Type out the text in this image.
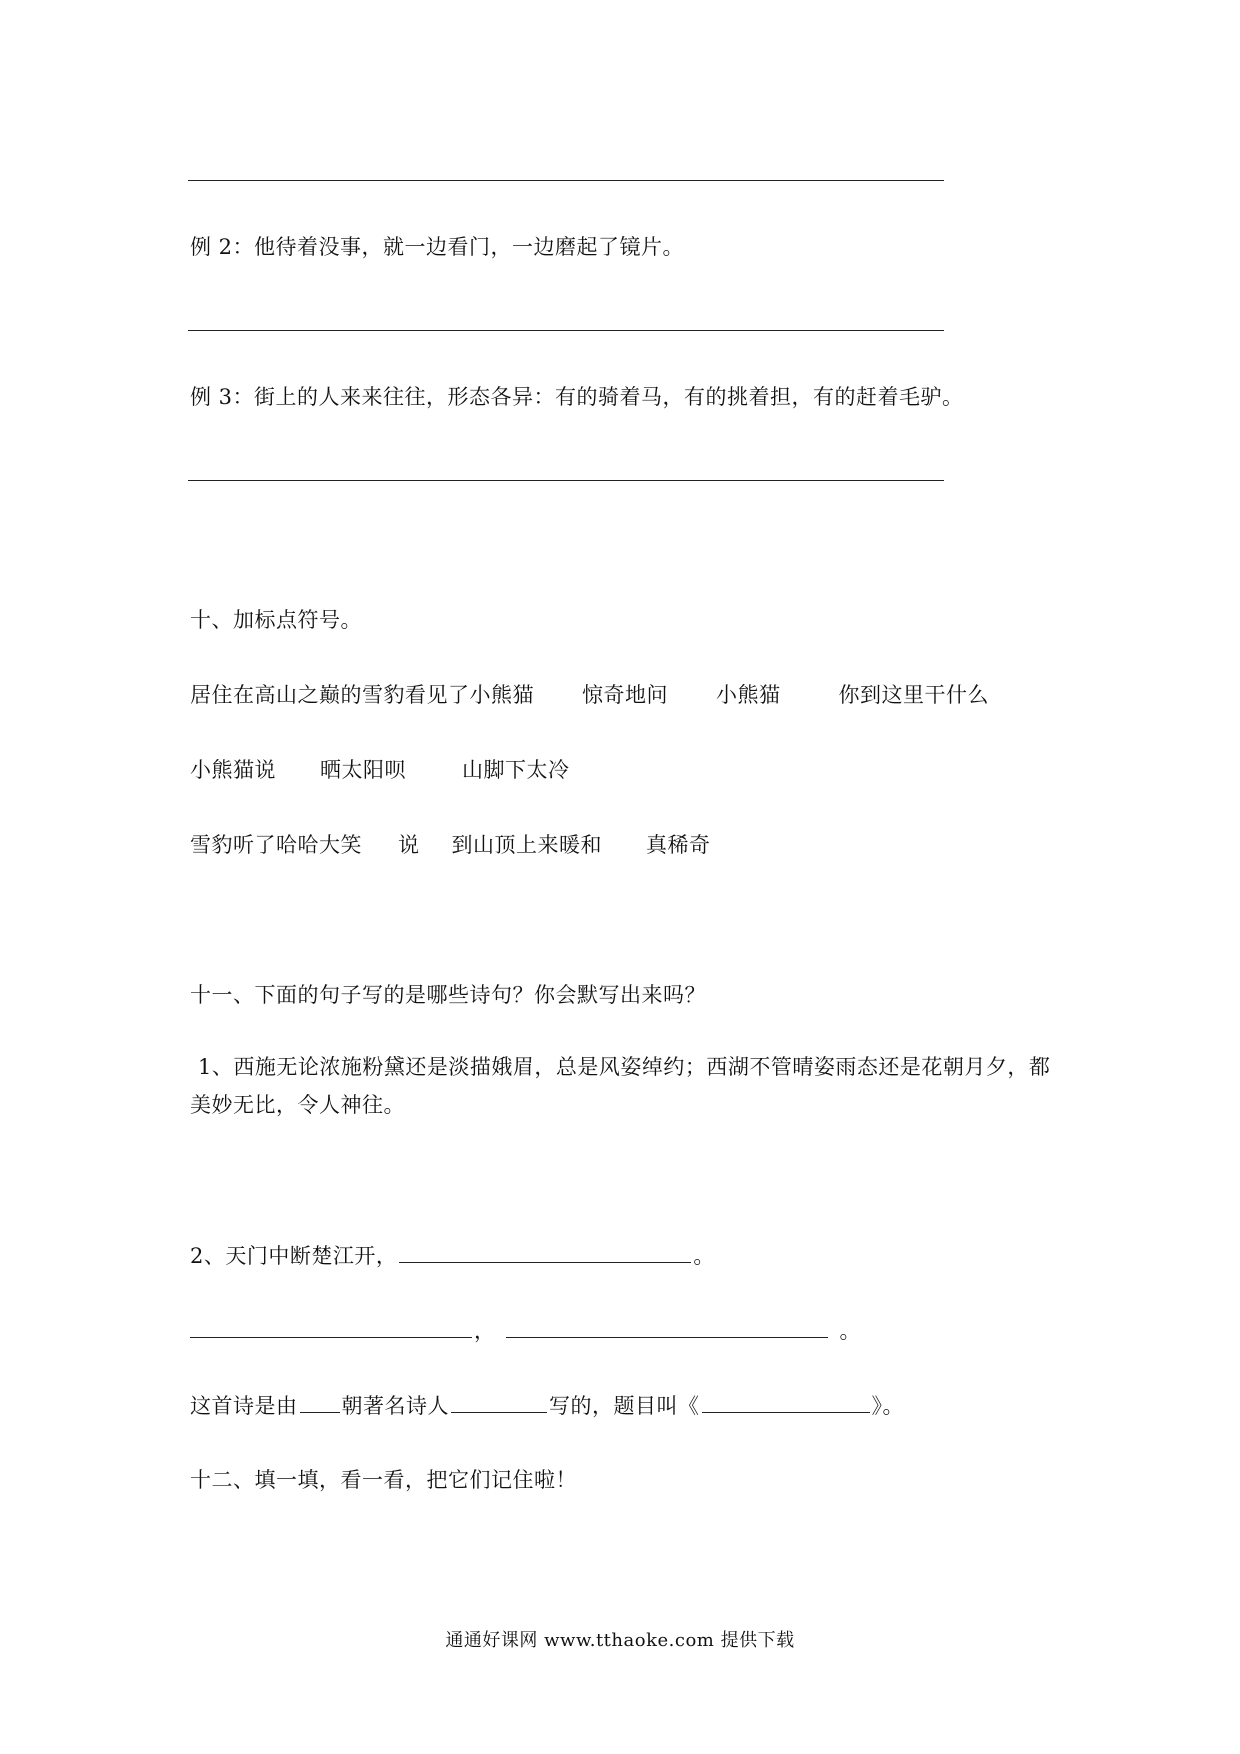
例 2：他待着没事，就一边看门，一边磨起了镜片。
例 3：街上的人来来往往，形态各异：有的骑着马，有的挑着担，有的赶着毛驴。
十、加标点符号。
居住在高山之巅的雪豹看见了小熊猫 惊奇地问 小熊猫	你到这里干什么
小熊猫说 晒太阳呗	山脚下太冷
雪豹听了哈哈大笑 说 到山顶上来暖和 真稀奇
十一、下面的句子写的是哪些诗句？你会默写出来吗？
1、西施无论浓施粉黛还是淡描娥眉，总是风姿绰约；西湖不管晴姿雨态还是花朝月夕，都
美妙无比，令人神往。
2、天门中断楚江开，	。
，	。
这首诗是由 朝著名诗人	写的，题目叫《	》。
十二、填一填，看一看，把它们记住啦！
通通好课网 www.tthaoke.com 提供下载
